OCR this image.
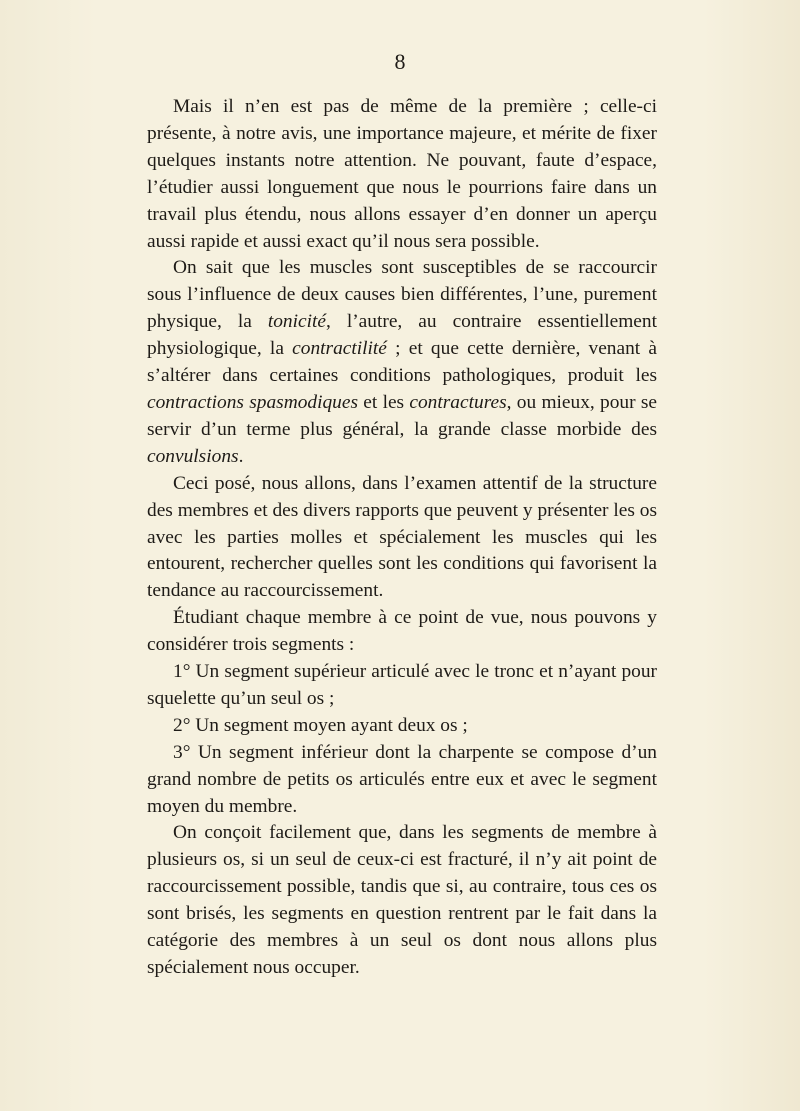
8

Mais il n’en est pas de même de la première ; celle-ci présente, à notre avis, une importance majeure, et mérite de fixer quelques instants notre attention. Ne pouvant, faute d’espace, l’étudier aussi longuement que nous le pourrions faire dans un travail plus étendu, nous allons essayer d’en donner un aperçu aussi rapide et aussi exact qu’il nous sera possible.

On sait que les muscles sont susceptibles de se raccourcir sous l’influence de deux causes bien différentes, l’une, purement physique, la tonicité, l’autre, au contraire essentiellement physiologique, la contractilité ; et que cette dernière, venant à s’altérer dans certaines conditions pathologiques, produit les contractions spasmodiques et les contractures, ou mieux, pour se servir d’un terme plus général, la grande classe morbide des convulsions.

Ceci posé, nous allons, dans l’examen attentif de la structure des membres et des divers rapports que peuvent y présenter les os avec les parties molles et spécialement les muscles qui les entourent, rechercher quelles sont les conditions qui favorisent la tendance au raccourcissement.

Étudiant chaque membre à ce point de vue, nous pouvons y considérer trois segments :

1° Un segment supérieur articulé avec le tronc et n’ayant pour squelette qu’un seul os ;

2° Un segment moyen ayant deux os ;

3° Un segment inférieur dont la charpente se compose d’un grand nombre de petits os articulés entre eux et avec le segment moyen du membre.

On conçoit facilement que, dans les segments de membre à plusieurs os, si un seul de ceux-ci est fracturé, il n’y ait point de raccourcissement possible, tandis que si, au contraire, tous ces os sont brisés, les segments en question rentrent par le fait dans la catégorie des membres à un seul os dont nous allons plus spécialement nous occuper.
